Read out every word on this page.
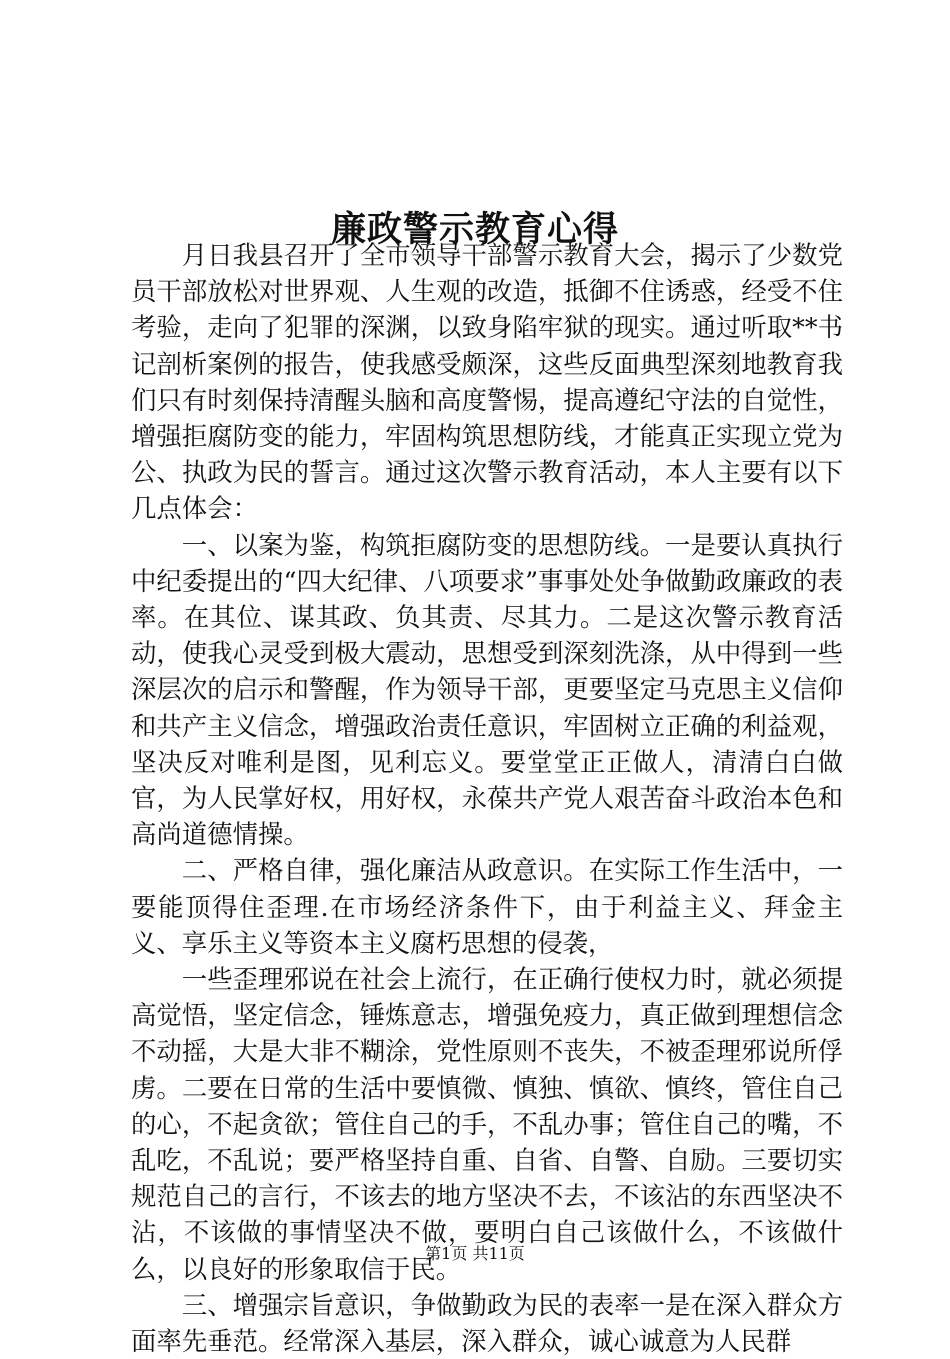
廉政警示教育心得

月日我县召开了全市领导干部警示教育大会，揭示了少数党员干部放松对世界观、人生观的改造，抵御不住诱惑，经受不住考验，走向了犯罪的深渊，以致身陷牢狱的现实。通过听取**书记剖析案例的报告，使我感受颇深，这些反面典型深刻地教育我们只有时刻保持清醒头脑和高度警惕，提高遵纪守法的自觉性，增强拒腐防变的能力，牢固构筑思想防线，才能真正实现立党为公、执政为民的誓言。通过这次警示教育活动，本人主要有以下几点体会：

一、以案为鉴，构筑拒腐防变的思想防线。一是要认真执行中纪委提出的“四大纪律、八项要求”事事处处争做勤政廉政的表率。在其位、谋其政、负其责、尽其力。二是这次警示教育活动，使我心灵受到极大震动，思想受到深刻洗涤，从中得到一些深层次的启示和警醒，作为领导干部，更要坚定马克思主义信仰和共产主义信念，增强政治责任意识，牢固树立正确的利益观，坚决反对唯利是图，见利忘义。要堂堂正正做人，清清白白做官，为人民掌好权，用好权，永葆共产党人艰苦奋斗政治本色和高尚道德情操。

二、严格自律，强化廉洁从政意识。在实际工作生活中，一要能顶得住歪理.在市场经济条件下，由于利益主义、拜金主义、享乐主义等资本主义腐朽思想的侵袭，

一些歪理邪说在社会上流行，在正确行使权力时，就必须提高觉悟，坚定信念，锤炼意志，增强免疫力，真正做到理想信念不动摇，大是大非不糊涂，党性原则不丧失，不被歪理邪说所俘虏。二要在日常的生活中要慎微、慎独、慎欲、慎终，管住自己的心，不起贪欲；管住自己的手，不乱办事；管住自己的嘴，不乱吃，不乱说；要严格坚持自重、自省、自警、自励。三要切实规范自己的言行，不该去的地方坚决不去，不该沾的东西坚决不沾，不该做的事情坚决不做，要明白自己该做什么，不该做什么，以良好的形象取信于民。

三、增强宗旨意识，争做勤政为民的表率一是在深入群众方面率先垂范。经常深入基层，深入群众，诚心诚意为人民群

第1页 共11页
